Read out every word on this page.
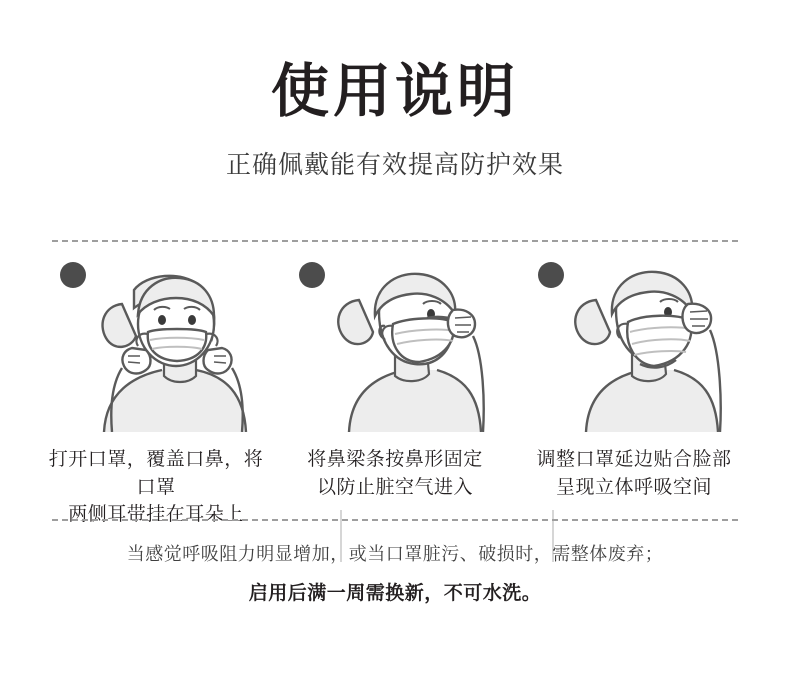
使用说明

正确佩戴能有效提高防护效果

打开口罩，覆盖口鼻，将口罩
两侧耳带挂在耳朵上
将鼻梁条按鼻形固定
以防止脏空气进入
调整口罩延边贴合脸部
呈现立体呼吸空间
当感觉呼吸阻力明显增加，或当口罩脏污、破损时，需整体废弃；
启用后满一周需换新，不可水洗。
